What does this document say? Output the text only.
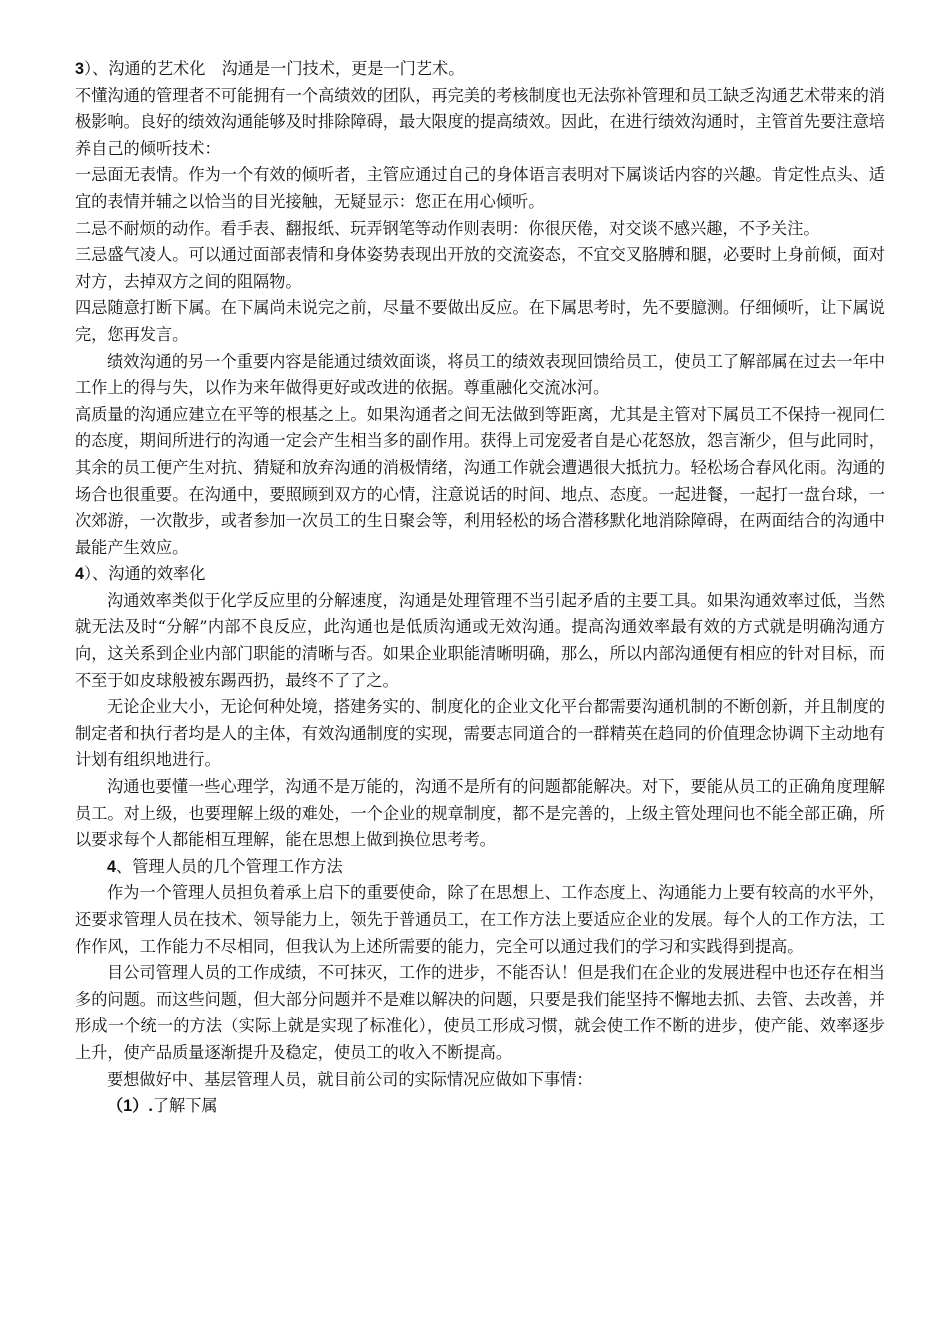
3）、沟通的艺术化　沟通是一门技术，更是一门艺术。

不懂沟通的管理者不可能拥有一个高绩效的团队，再完美的考核制度也无法弥补管理和员工缺乏沟通艺术带来的消极影响。良好的绩效沟通能够及时排除障碍，最大限度的提高绩效。因此，在进行绩效沟通时，主管首先要注意培养自己的倾听技术：

一忌面无表情。作为一个有效的倾听者，主管应通过自己的身体语言表明对下属谈话内容的兴趣。肯定性点头、适宜的表情并辅之以恰当的目光接触，无疑显示：您正在用心倾听。

二忌不耐烦的动作。看手表、翻报纸、玩弄钢笔等动作则表明：你很厌倦，对交谈不感兴趣，不予关注。

三忌盛气凌人。可以通过面部表情和身体姿势表现出开放的交流姿态，不宜交叉胳膊和腿，必要时上身前倾，面对对方，去掉双方之间的阻隔物。

四忌随意打断下属。在下属尚未说完之前，尽量不要做出反应。在下属思考时，先不要臆测。仔细倾听，让下属说完，您再发言。

绩效沟通的另一个重要内容是能通过绩效面谈，将员工的绩效表现回馈给员工，使员工了解部属在过去一年中工作上的得与失，以作为来年做得更好或改进的依据。尊重融化交流冰河。

高质量的沟通应建立在平等的根基之上。如果沟通者之间无法做到等距离，尤其是主管对下属员工不保持一视同仁的态度，期间所进行的沟通一定会产生相当多的副作用。获得上司宠爱者自是心花怒放，怨言渐少，但与此同时，其余的员工便产生对抗、猜疑和放弃沟通的消极情绪，沟通工作就会遭遇很大抵抗力。轻松场合春风化雨。沟通的场合也很重要。在沟通中，要照顾到双方的心情，注意说话的时间、地点、态度。一起进餐，一起打一盘台球，一次郊游，一次散步，或者参加一次员工的生日聚会等，利用轻松的场合潜移默化地消除障碍，在两面结合的沟通中最能产生效应。

4）、沟通的效率化

沟通效率类似于化学反应里的分解速度，沟通是处理管理不当引起矛盾的主要工具。如果沟通效率过低，当然就无法及时“分解”内部不良反应，此沟通也是低质沟通或无效沟通。提高沟通效率最有效的方式就是明确沟通方向，这关系到企业内部门职能的清晰与否。如果企业职能清晰明确，那么，所以内部沟通便有相应的针对目标，而不至于如皮球般被东踢西扔，最终不了了之。

无论企业大小，无论何种处境，搭建务实的、制度化的企业文化平台都需要沟通机制的不断创新，并且制度的制定者和执行者均是人的主体，有效沟通制度的实现，需要志同道合的一群精英在趋同的价值理念协调下主动地有计划有组织地进行。

沟通也要懂一些心理学，沟通不是万能的，沟通不是所有的问题都能解决。对下，要能从员工的正确角度理解员工。对上级，也要理解上级的难处，一个企业的规章制度，都不是完善的，上级主管处理问也不能全部正确，所以要求每个人都能相互理解，能在思想上做到换位思考考。

4、管理人员的几个管理工作方法

作为一个管理人员担负着承上启下的重要使命，除了在思想上、工作态度上、沟通能力上要有较高的水平外，还要求管理人员在技术、领导能力上，领先于普通员工，在工作方法上要适应企业的发展。每个人的工作方法，工作作风，工作能力不尽相同，但我认为上述所需要的能力，完全可以通过我们的学习和实践得到提高。

目公司管理人员的工作成绩，不可抹灭，工作的进步，不能否认！但是我们在企业的发展进程中也还存在相当多的问题。而这些问题，但大部分问题并不是难以解决的问题，只要是我们能坚持不懈地去抓、去管、去改善，并形成一个统一的方法（实际上就是实现了标准化），使员工形成习惯，就会使工作不断的进步，使产能、效率逐步上升，使产品质量逐渐提升及稳定，使员工的收入不断提高。

要想做好中、基层管理人员，就目前公司的实际情况应做如下事情：

（1）.了解下属
